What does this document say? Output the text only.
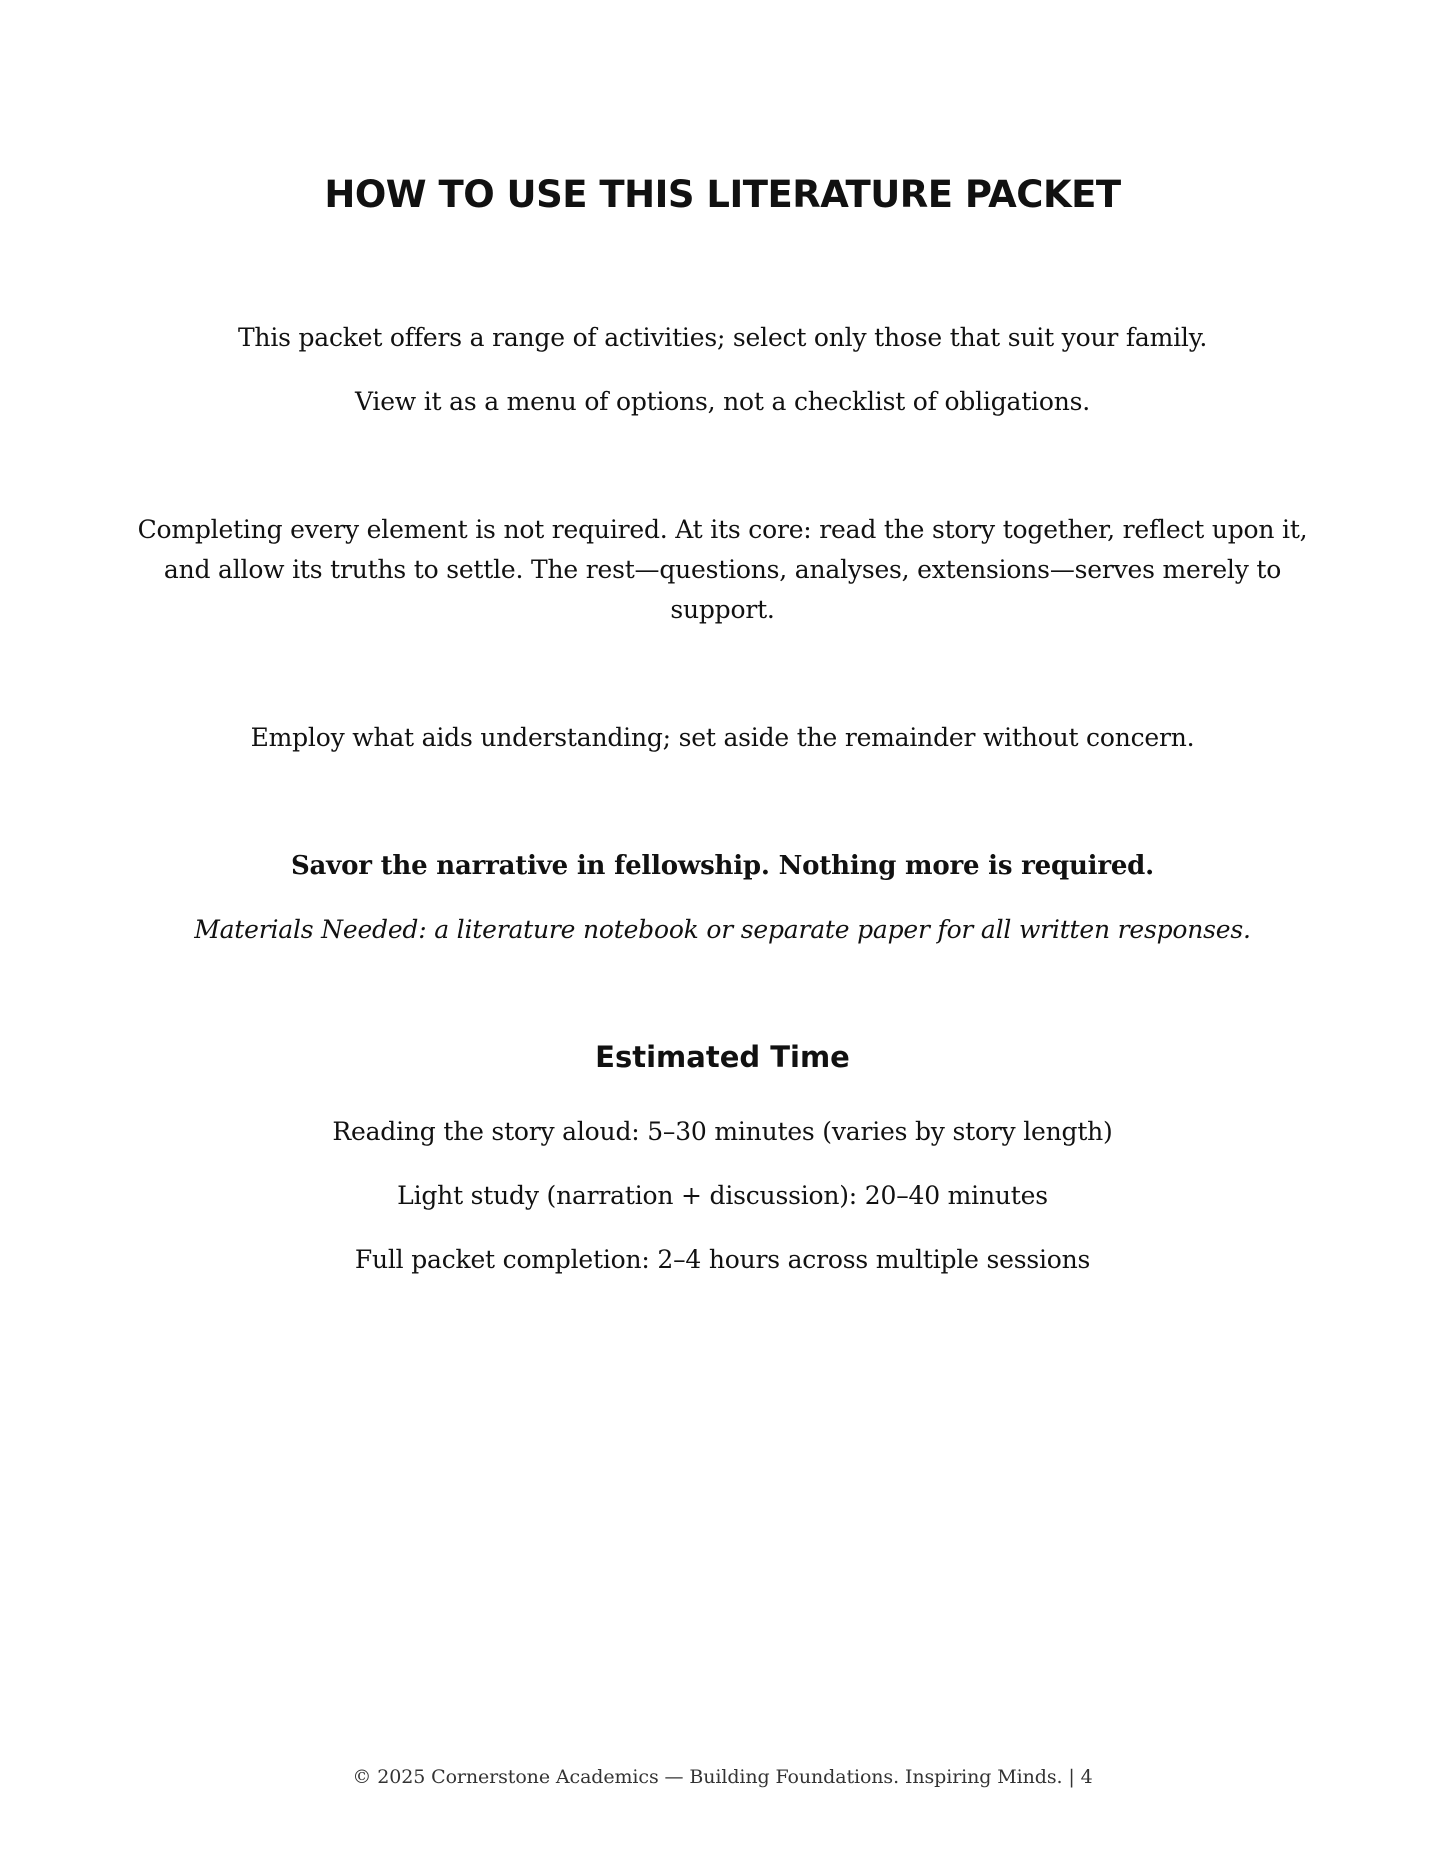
HOW TO USE THIS LITERATURE PACKET

This packet offers a range of activities; select only those that suit your family.

View it as a menu of options, not a checklist of obligations.

Completing every element is not required. At its core: read the story together, reflect upon it, and allow its truths to settle. The rest—questions, analyses, extensions—serves merely to support.

Employ what aids understanding; set aside the remainder without concern.

Savor the narrative in fellowship. Nothing more is required.

Materials Needed: a literature notebook or separate paper for all written responses.

Estimated Time

Reading the story aloud: 5–30 minutes (varies by story length)

Light study (narration + discussion): 20–40 minutes

Full packet completion: 2–4 hours across multiple sessions

© 2025 Cornerstone Academics — Building Foundations. Inspiring Minds. | 4
